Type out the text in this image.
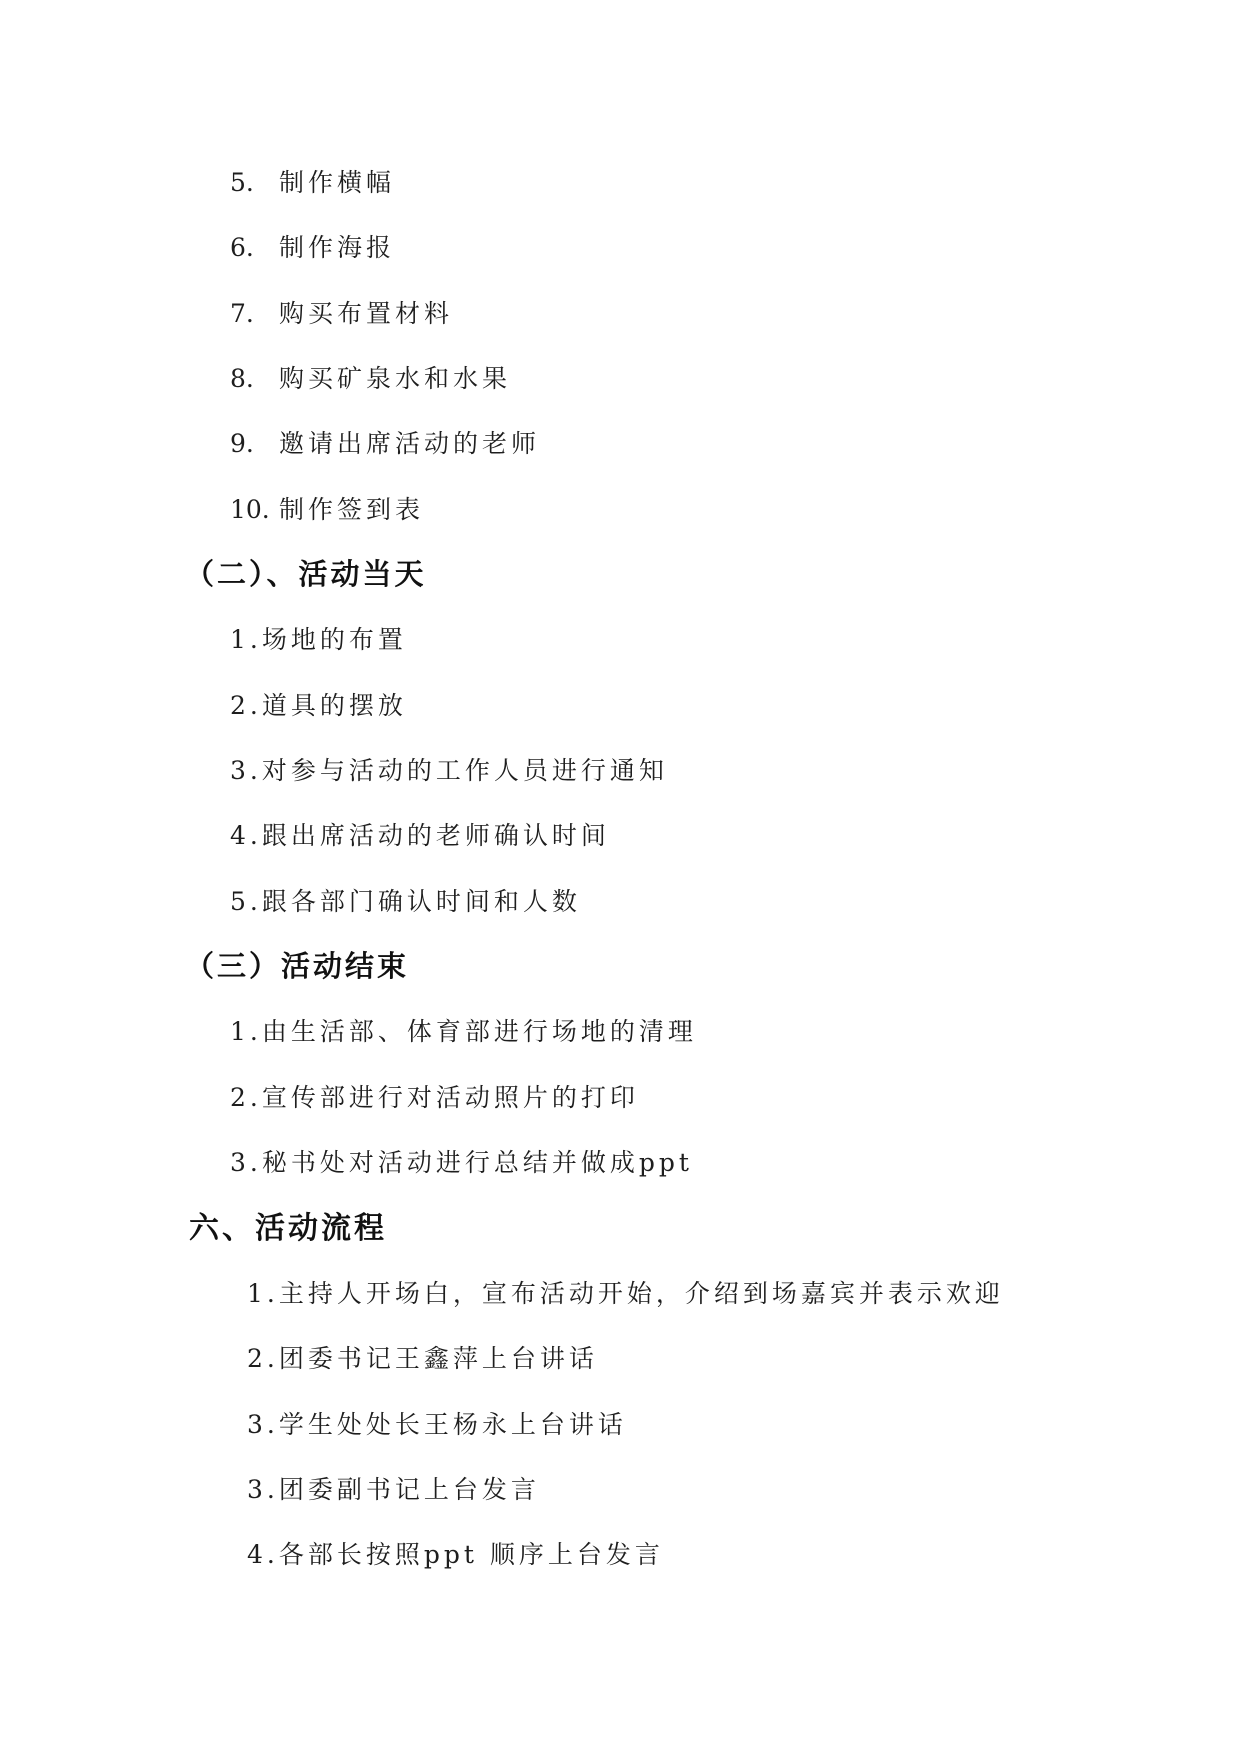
5. 制作横幅
6. 制作海报
7. 购买布置材料
8. 购买矿泉水和水果
9. 邀请出席活动的老师
10. 制作签到表
（二）、活动当天
1.场地的布置
2.道具的摆放
3.对参与活动的工作人员进行通知
4.跟出席活动的老师确认时间
5.跟各部门确认时间和人数
（三）活动结束
1.由生活部、体育部进行场地的清理
2.宣传部进行对活动照片的打印
3.秘书处对活动进行总结并做成ppt
六、活动流程
1.主持人开场白，宣布活动开始，介绍到场嘉宾并表示欢迎
2.团委书记王鑫萍上台讲话
3.学生处处长王杨永上台讲话
3.团委副书记上台发言
4.各部长按照ppt 顺序上台发言
